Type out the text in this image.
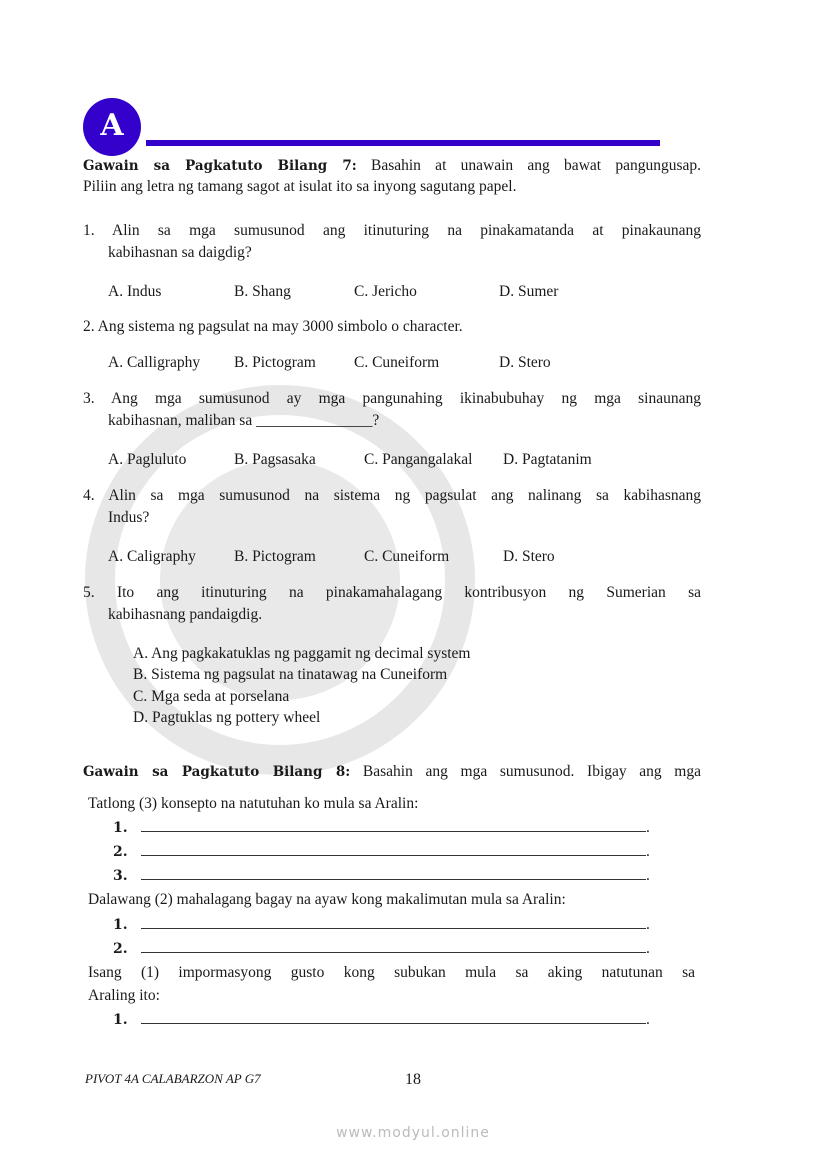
A
Gawain sa Pagkatuto Bilang 7: Basahin at unawain ang bawat pangungusap.
Piliin ang letra ng tamang sagot at isulat ito sa inyong sagutang papel.
1. Alin sa mga sumusunod ang itinuturing na pinakamatanda at pinakaunang
kabihasnan sa daigdig?
A. Indus	B. Shang	C. Jericho	D. Sumer
2. Ang sistema ng pagsulat na may 3000 simbolo o character.
A. Calligraphy B. Pictogram C. Cuneiform	D. Stero
3. Ang mga sumusunod ay mga pangunahing ikinabubuhay ng mga sinaunang
kabihasnan, maliban sa _______________?
A. Pagluluto	B. Pagsasaka	C. Pangangalakal D. Pagtatanim
4. Alin sa mga sumusunod na sistema ng pagsulat ang nalinang sa kabihasnang
Indus?
A. Caligraphy B. Pictogram	C. Cuneiform	D. Stero
5. Ito ang itinuturing na pinakamahalagang kontribusyon ng Sumerian sa
kabihasnang pandaigdig.
A. Ang pagkakatuklas ng paggamit ng decimal system
B. Sistema ng pagsulat na tinatawag na Cuneiform
C. Mga seda at porselana
D. Pagtuklas ng pottery wheel
Gawain sa Pagkatuto Bilang 8: Basahin ang mga sumusunod. Ibigay ang mga
Tatlong (3) konsepto na natutuhan ko mula sa Aralin:
1.	.
2.	.
3.	.
Dalawang (2) mahalagang bagay na ayaw kong makalimutan mula sa Aralin:
1.	.
2.	.
Isang (1) impormasyong gusto kong subukan mula sa aking natutunan sa
Araling ito:
1.	.
PIVOT 4A CALABARZON AP G7	18
www.modyul.online
